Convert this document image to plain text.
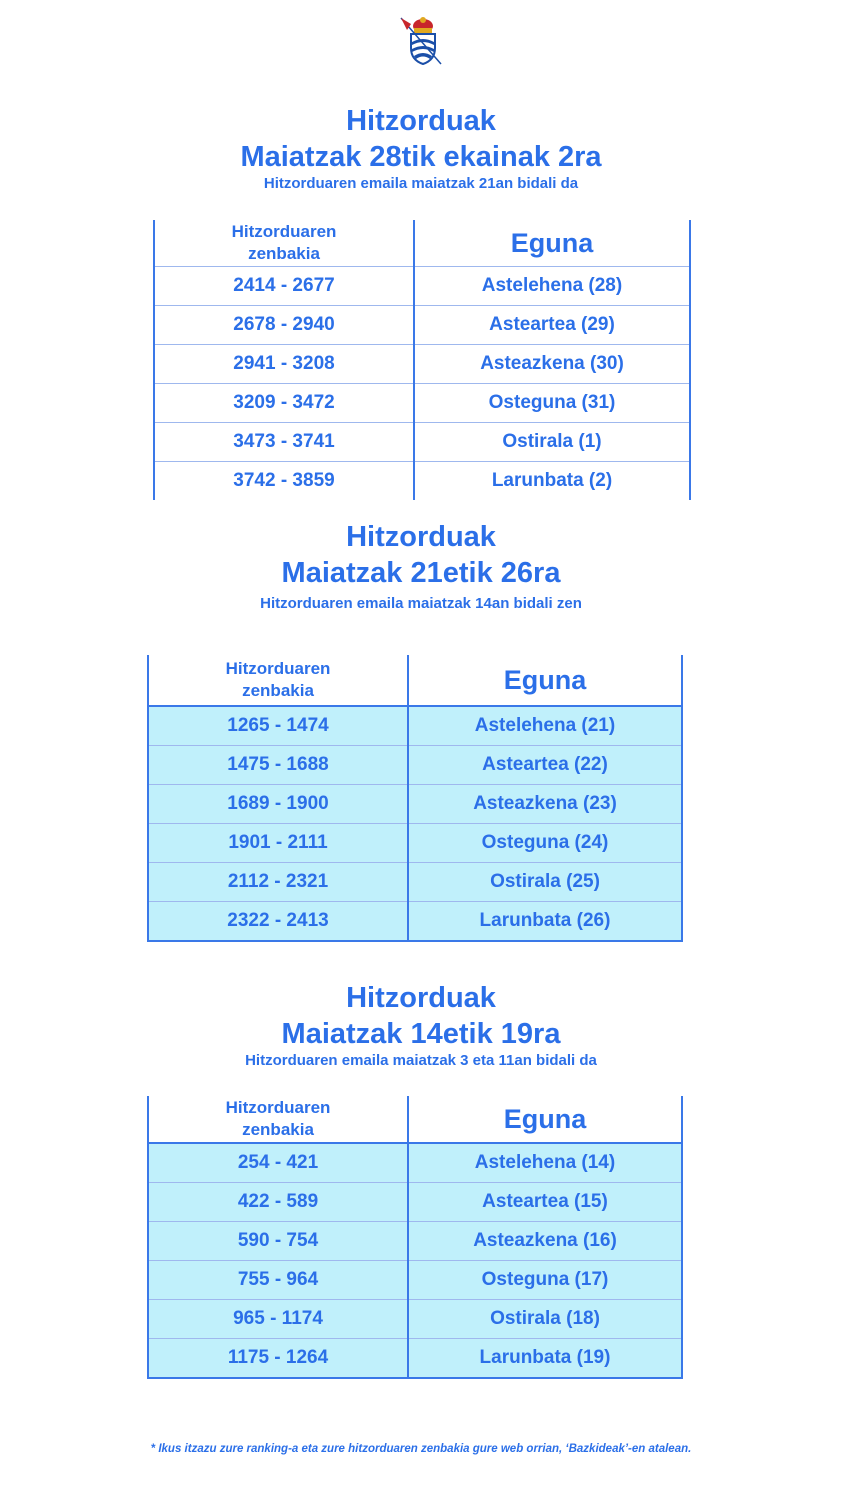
Hitzorduak

Maiatzak 28tik ekainak 2ra

Hitzorduaren emaila maiatzak 21an bidali da

Hitzorduaren
zenbakia	Eguna
2414 - 2677	Astelehena (28)
2678 - 2940	Asteartea (29)
2941 - 3208	Asteazkena (30)
3209 - 3472	Osteguna (31)
3473 - 3741	Ostirala (1)
3742 - 3859	Larunbata (2)

Hitzorduak

Maiatzak 21etik 26ra

Hitzorduaren emaila maiatzak 14an bidali zen

Hitzorduaren
zenbakia	Eguna
1265 - 1474	Astelehena (21)
1475 - 1688	Asteartea (22)
1689 - 1900	Asteazkena (23)
1901 - 2111	Osteguna (24)
2112 - 2321	Ostirala (25)
2322 - 2413	Larunbata (26)

Hitzorduak

Maiatzak 14etik 19ra

Hitzorduaren emaila maiatzak 3 eta 11an bidali da

Hitzorduaren
zenbakia	Eguna
254 - 421	Astelehena (14)
422 - 589	Asteartea (15)
590 - 754	Asteazkena (16)
755 - 964	Osteguna (17)
965 - 1174	Ostirala (18)
1175 - 1264	Larunbata (19)
* Ikus itzazu zure ranking-a eta zure hitzorduaren zenbakia gure web orrian, ‘Bazkideak’-en atalean.
